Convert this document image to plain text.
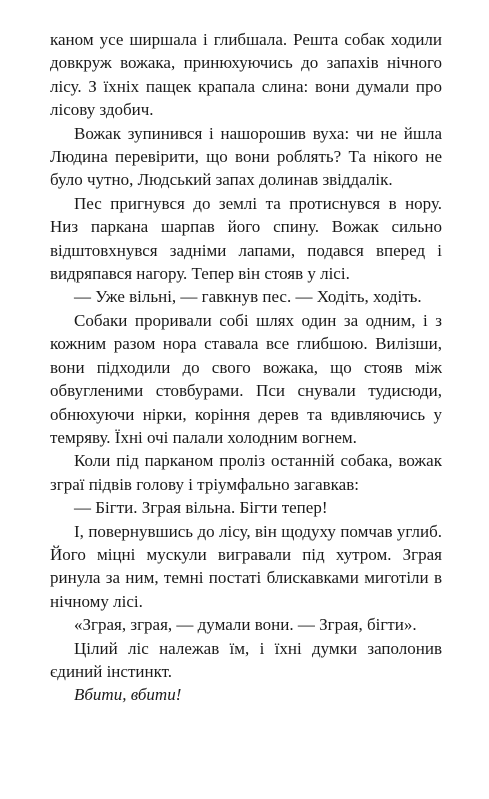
каном усе ширшала і глибшала. Решта собак ходили довкруж вожака, принюхуючись до запахів нічного лісу. З їхніх пащек крапала слина: вони думали про лісову здобич.

Вожак зупинився і нашорошив вуха: чи не йшла Людина перевірити, що вони роблять? Та нікого не було чутно, Людський запах долинав звіддалік.

Пес пригнувся до землі та протиснувся в нору. Низ паркана шарпав його спину. Вожак сильно відштовхнувся задніми лапами, подався вперед і видряпався нагору. Тепер він стояв у лісі.

— Уже вільні, — гавкнув пес. — Ходіть, ходіть.

Собаки проривали собі шлях один за одним, і з кожним разом нора ставала все глибшою. Вилізши, вони підходили до свого вожака, що стояв між обвугленими стовбурами. Пси снували тудисюди, обнюхуючи нірки, коріння дерев та вдивляючись у темряву. Їхні очі палали холодним вогнем.

Коли під парканом проліз останній собака, вожак зграї підвів голову і тріумфально загавкав:

— Бігти. Зграя вільна. Бігти тепер!

І, повернувшись до лісу, він щодуху помчав углиб. Його міцні мускули вигравали під хутром. Зграя ринула за ним, темні постаті блискавками миготіли в нічному лісі.

«Зграя, зграя, — думали вони. — Зграя, бігти».

Цілий ліс належав їм, і їхні думки заполонив єдиний інстинкт.

Вбити, вбити!
